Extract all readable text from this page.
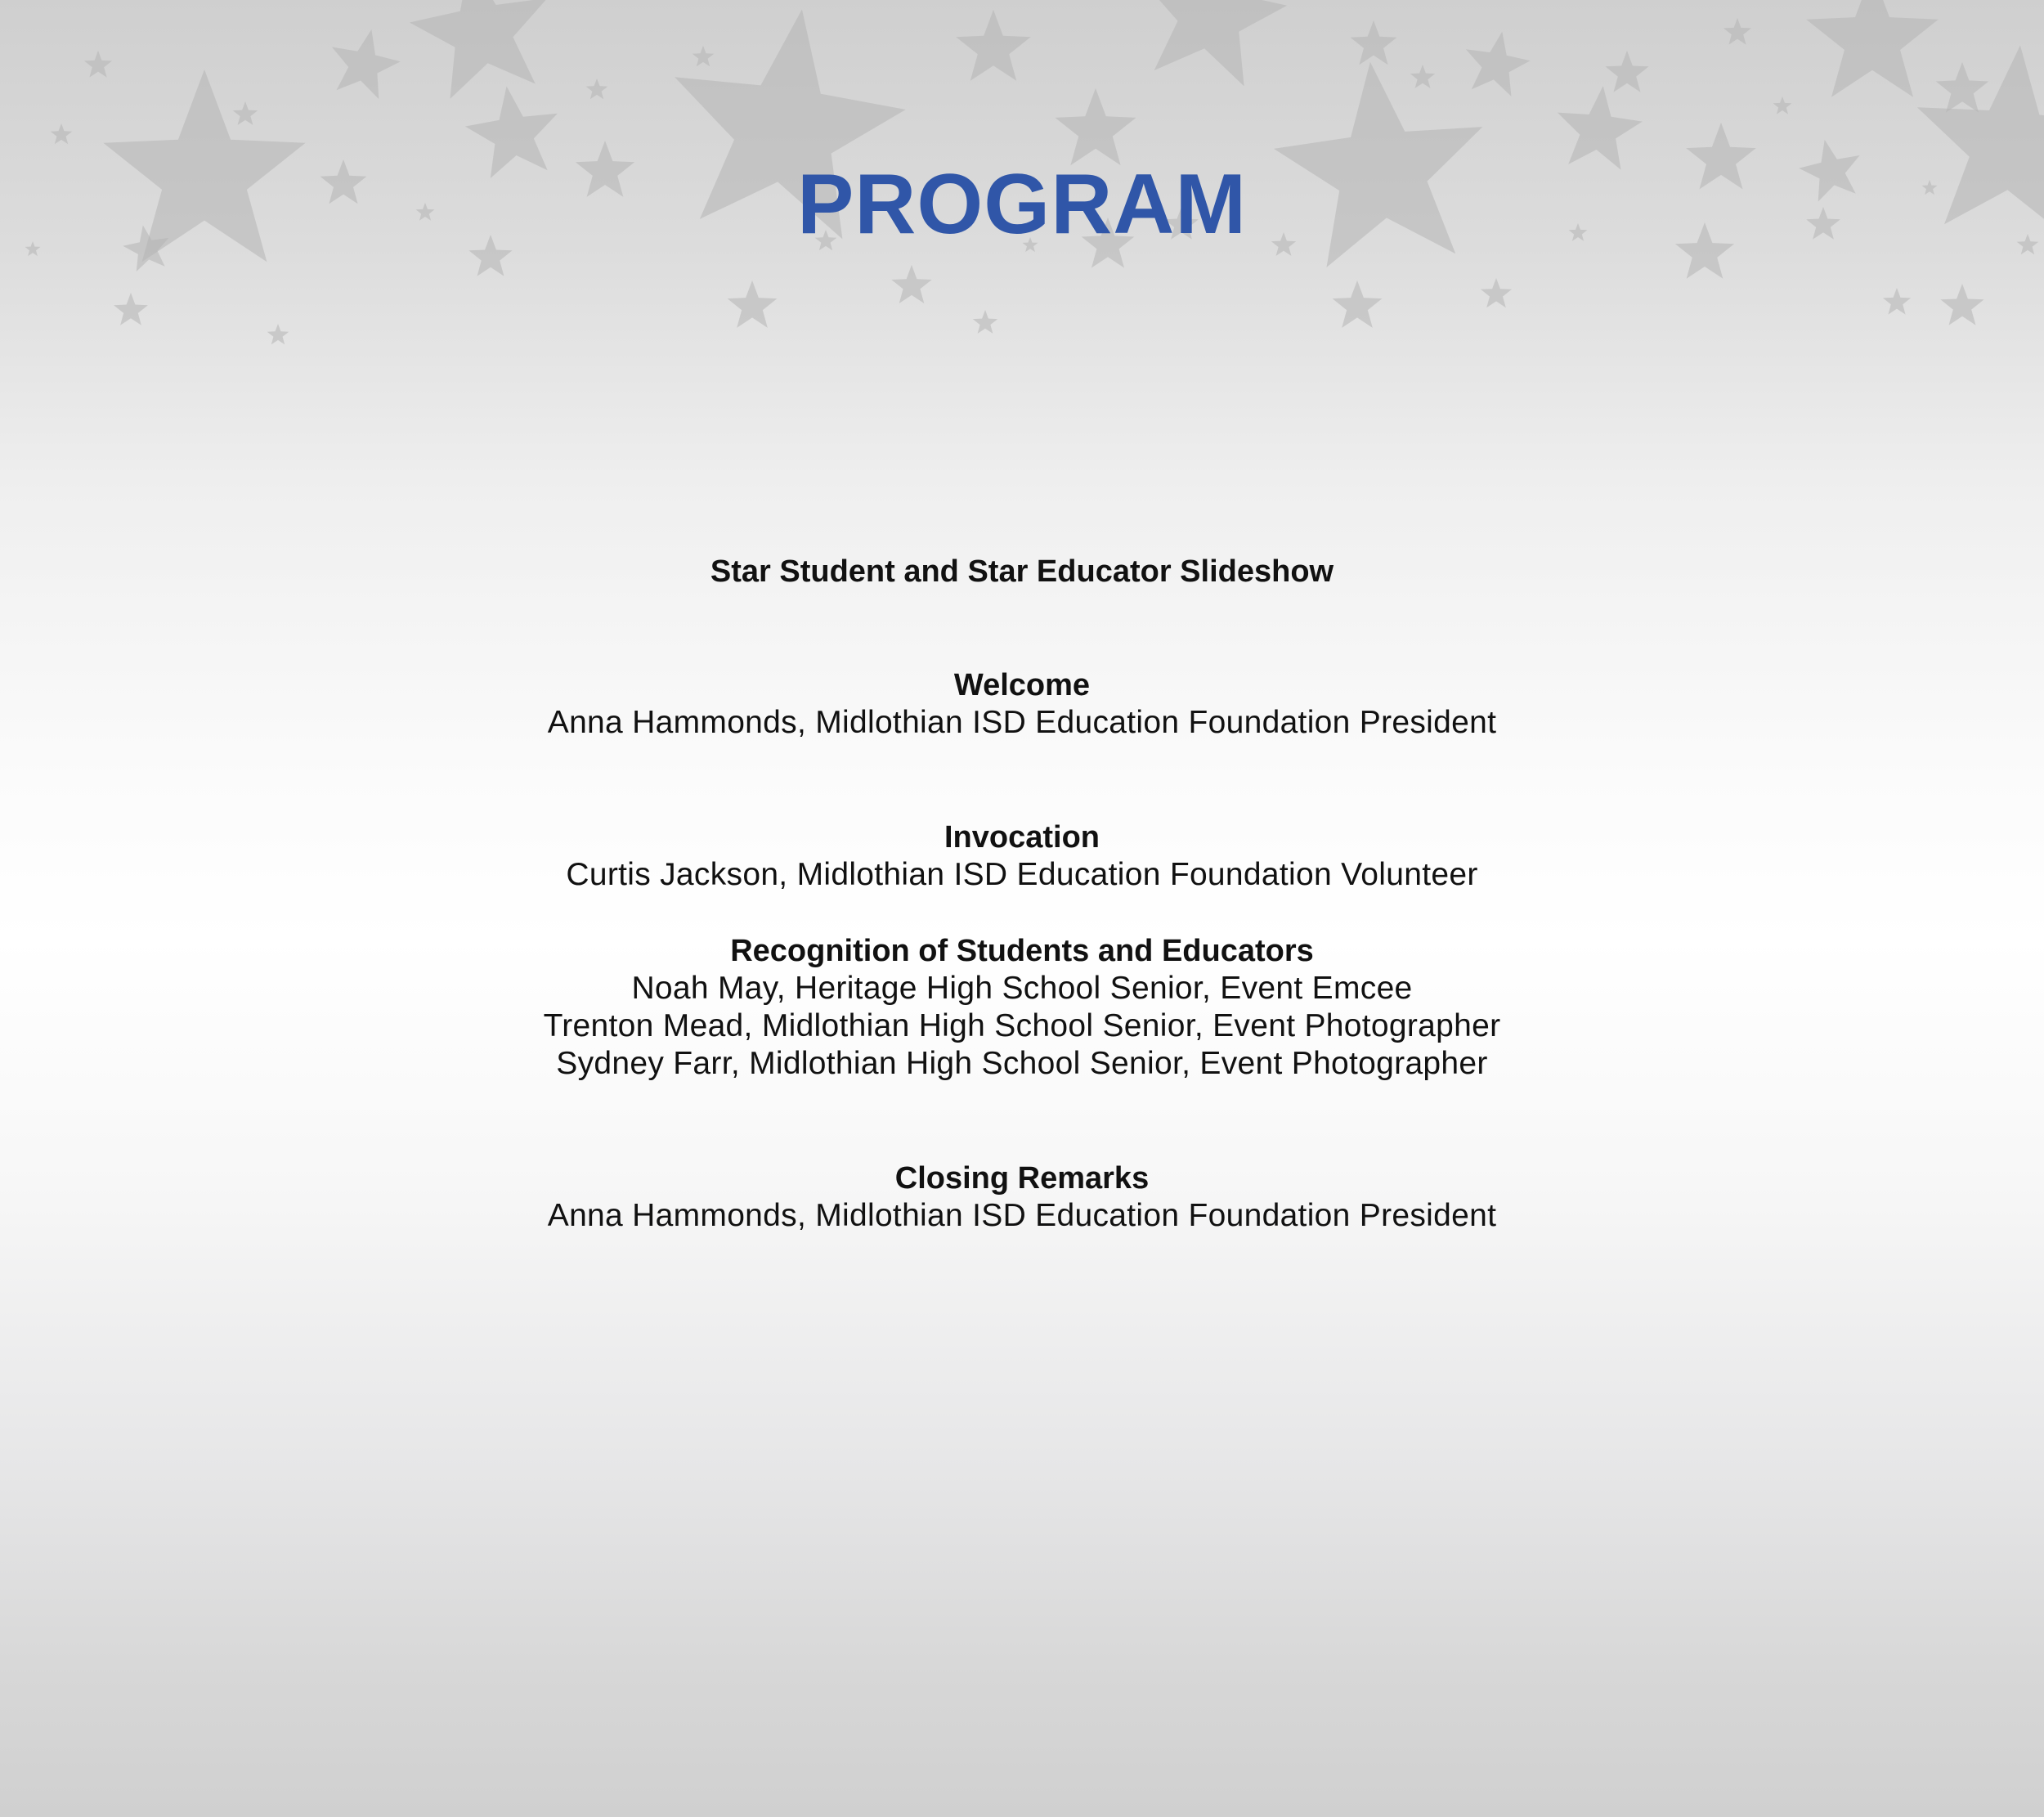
PROGRAM

Star Student and Star Educator Slideshow

Welcome

Anna Hammonds, Midlothian ISD Education Foundation President

Invocation

Curtis Jackson, Midlothian ISD Education Foundation Volunteer

Recognition of Students and Educators

Noah May, Heritage High School Senior, Event Emcee

Trenton Mead, Midlothian High School Senior, Event Photographer

Sydney Farr, Midlothian High School Senior, Event Photographer

Closing Remarks

Anna Hammonds, Midlothian ISD Education Foundation President
